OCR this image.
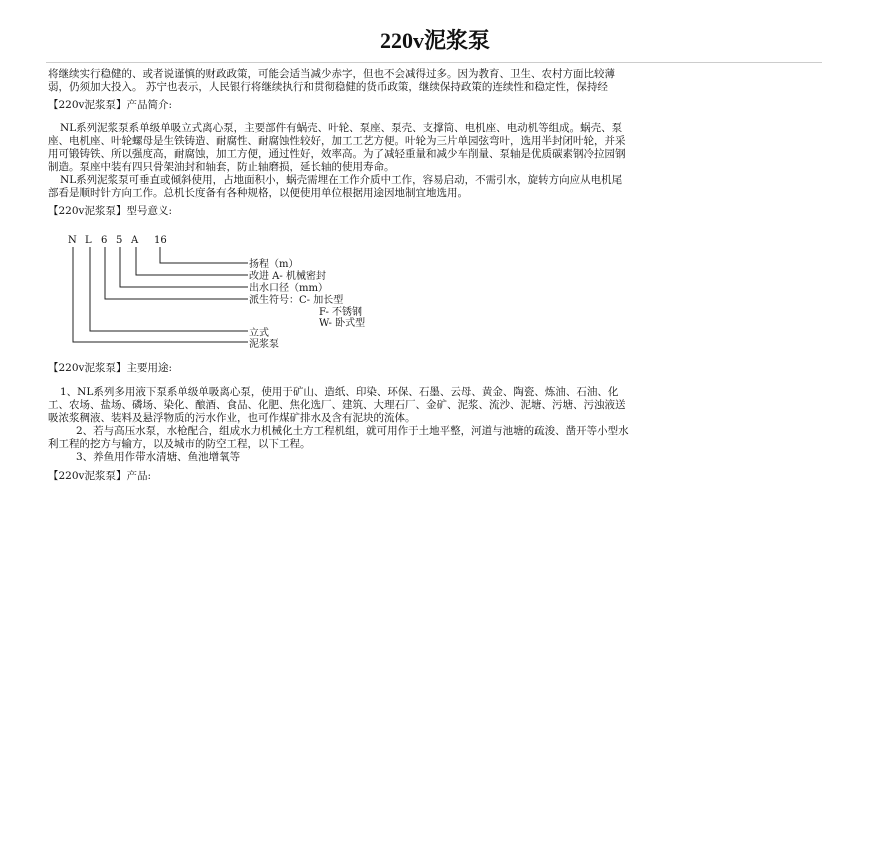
220v泥浆泵
将继续实行稳健的、或者说谨慎的财政政策，可能会适当减少赤字，但也不会减得过多。因为教育、卫生、农村方面比较薄
弱，仍须加大投入。 苏宁也表示，人民银行将继续执行和贯彻稳健的货币政策，继续保持政策的连续性和稳定性，保持经
【220v泥浆泵】产品简介:
NL系列泥浆泵系单级单吸立式离心泵，主要部件有蜗壳、叶轮、泵座、泵壳、支撑筒、电机座、电动机等组成。蜗壳、泵
座、电机座、叶轮螺母是生铁铸造、耐腐性、耐腐蚀性较好，加工工艺方便。叶轮为三片单园弦弯叶，选用半封闭叶轮，并采
用可锻铸铁、所以强度高，耐腐蚀，加工方便，通过性好，效率高。为了减轻重量和减少车削量、泵轴是优质碳素钢冷拉园钢
制造。泵座中装有四只骨架油封和轴套，防止轴磨损，延长轴的使用寿命。
NL系列泥浆泵可垂直或倾斜使用，占地面积小，蜗壳需埋在工作介质中工作，容易启动，不需引水，旋转方向应从电机尾
部看是顺时针方向工作。总机长度备有各种规格，以便使用单位根据用途因地制宜地选用。
【220v泥浆泵】型号意义:
N L 6 5 A 16
扬程（m）
改进 A- 机械密封
出水口径（mm）
派生符号：C- 加长型
F- 不锈钢
W- 卧式型
立式
泥浆泵
【220v泥浆泵】主要用途:
1、NL系列多用液下泵系单级单吸离心泵，使用于矿山、造纸、印染、环保、石墨、云母、黄金、陶瓷、炼油、石油、化
工、农场、盐场、磷场、染化、酿酒、食品、化肥、焦化选厂、建筑、大理石厂、金矿、泥浆、流沙、泥塘、污塘、污浊液送
吸浓浆稠液、装料及悬浮物质的污水作业，也可作煤矿排水及含有泥块的流体。
2、若与高压水泵，水枪配合，组成水力机械化土方工程机组，就可用作于土地平整，河道与池塘的疏浚、凿开等小型水
利工程的挖方与输方，以及城市的防空工程，以下工程。
3、养鱼用作带水清塘、鱼池增氧等
【220v泥浆泵】产品:
